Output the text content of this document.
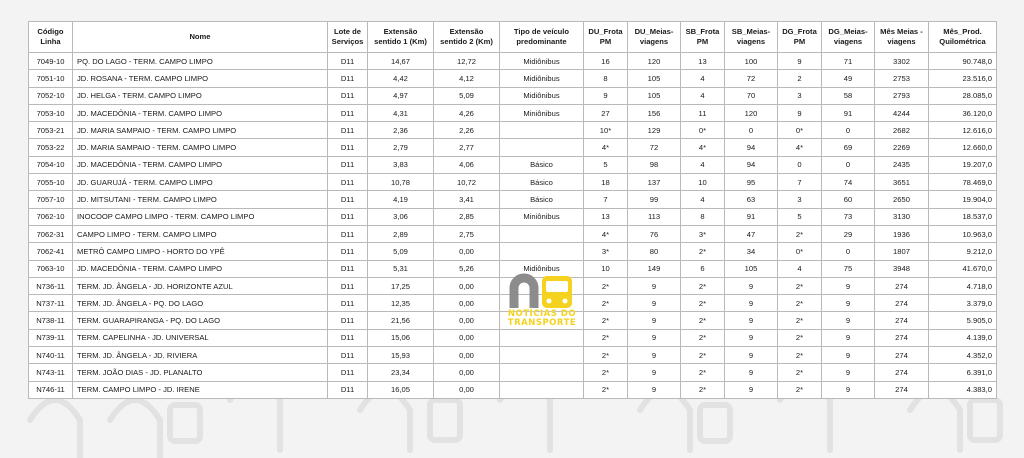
Código Linha	Nome	Lote de Serviços	Extensão sentido 1 (Km)	Extensão sentido 2 (Km)	Tipo de veículo predominante	DU_Frota PM	DU_Meias-viagens	SB_Frota PM	SB_Meias-viagens	DG_Frota PM	DG_Meias-viagens	Mês Meias - viagens	Mês_Prod. Quilométrica
7049-10	PQ. DO LAGO - TERM. CAMPO LIMPO	D11	14,67	12,72	Midiônibus	16	120	13	100	9	71	3302	90.748,0
7051-10	JD. ROSANA - TERM. CAMPO LIMPO	D11	4,42	4,12	Midiônibus	8	105	4	72	2	49	2753	23.516,0
7052-10	JD. HELGA - TERM. CAMPO LIMPO	D11	4,97	5,09	Midiônibus	9	105	4	70	3	58	2793	28.085,0
7053-10	JD. MACEDÔNIA - TERM. CAMPO LIMPO	D11	4,31	4,26	Miniônibus	27	156	11	120	9	91	4244	36.120,0
7053-21	JD. MARIA SAMPAIO - TERM. CAMPO LIMPO	D11	2,36	2,26		10*	129	0*	0	0*	0	2682	12.616,0
7053-22	JD. MARIA SAMPAIO - TERM. CAMPO LIMPO	D11	2,79	2,77		4*	72	4*	94	4*	69	2269	12.660,0
7054-10	JD. MACEDÔNIA - TERM. CAMPO LIMPO	D11	3,83	4,06	Básico	5	98	4	94	0	0	2435	19.207,0
7055-10	JD. GUARUJÁ - TERM. CAMPO LIMPO	D11	10,78	10,72	Básico	18	137	10	95	7	74	3651	78.469,0
7057-10	JD. MITSUTANI - TERM. CAMPO LIMPO	D11	4,19	3,41	Básico	7	99	4	63	3	60	2650	19.904,0
7062-10	INOCOOP CAMPO LIMPO - TERM. CAMPO LIMPO	D11	3,06	2,85	Miniônibus	13	113	8	91	5	73	3130	18.537,0
7062-31	CAMPO LIMPO - TERM. CAMPO LIMPO	D11	2,89	2,75		4*	76	3*	47	2*	29	1936	10.963,0
7062-41	METRÔ CAMPO LIMPO - HORTO DO YPÊ	D11	5,09	0,00		3*	80	2*	34	0*	0	1807	9.212,0
7063-10	JD. MACEDÔNIA - TERM. CAMPO LIMPO	D11	5,31	5,26	Midiônibus	10	149	6	105	4	75	3948	41.670,0
N736-11	TERM. JD. ÂNGELA - JD. HORIZONTE AZUL	D11	17,25	0,00		2*	9	2*	9	2*	9	274	4.718,0
N737-11	TERM. JD. ÂNGELA - PQ. DO LAGO	D11	12,35	0,00		2*	9	2*	9	2*	9	274	3.379,0
N738-11	TERM. GUARAPIRANGA - PQ. DO LAGO	D11	21,56	0,00		2*	9	2*	9	2*	9	274	5.905,0
N739-11	TERM. CAPELINHA - JD. UNIVERSAL	D11	15,06	0,00		2*	9	2*	9	2*	9	274	4.139,0
N740-11	TERM. JD. ÂNGELA - JD. RIVIERA	D11	15,93	0,00		2*	9	2*	9	2*	9	274	4.352,0
N743-11	TERM. JOÃO DIAS - JD. PLANALTO	D11	23,34	0,00		2*	9	2*	9	2*	9	274	6.391,0
N746-11	TERM. CAMPO LIMPO - JD. IRENE	D11	16,05	0,00		2*	9	2*	9	2*	9	274	4.383,0
NOTÍCIAS DO
TRANSPORTE
